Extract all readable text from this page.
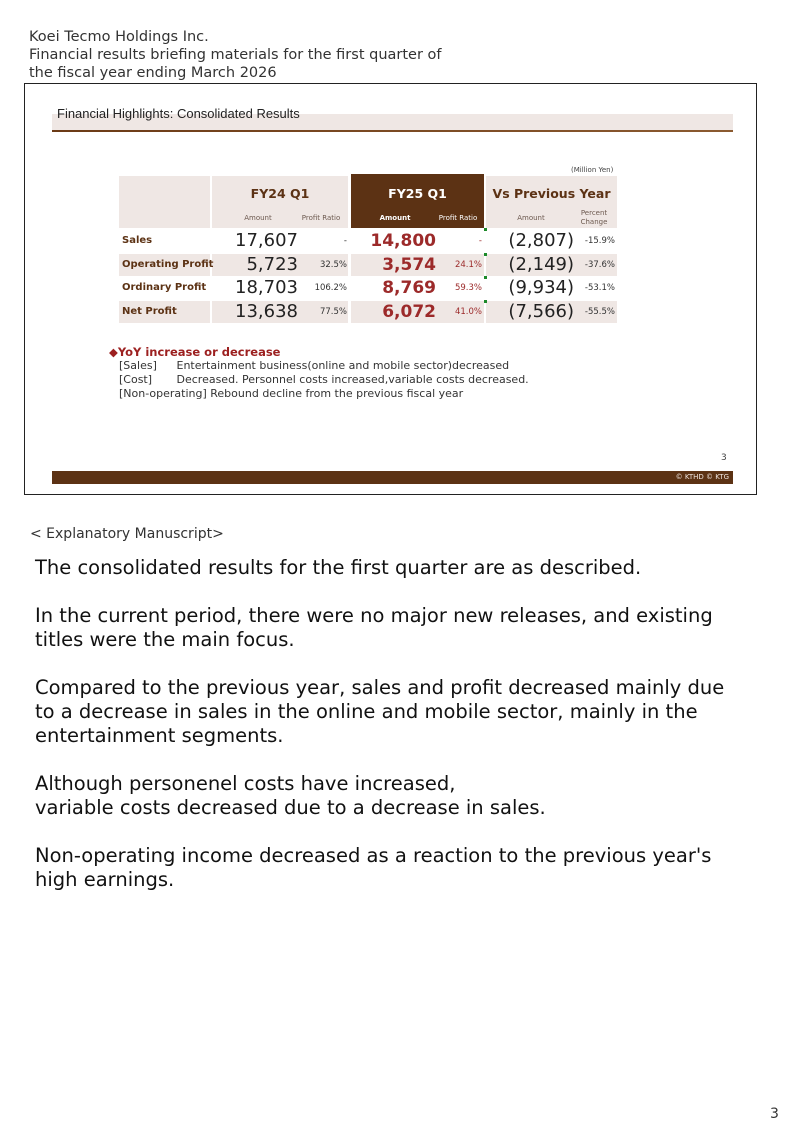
Koei Tecmo Holdings Inc.
Financial results briefing materials for the first quarter of
the fiscal year ending March 2026
Financial Highlights: Consolidated Results
(Million Yen)
FY24 Q1
Amount	Profit Ratio
FY25 Q1
Amount	Profit Ratio
Vs Previous Year
Amount
Percent
Change
Sales	17,607	-	14,800	-	(2,807)	-15.9%
Operating Profit	5,723	32.5%	3,574	24.1%	(2,149)	-37.6%
Ordinary Profit	18,703	106.2%	8,769	59.3%	(9,934)	-53.1%
Net Profit	13,638	77.5%	6,072	41.0%	(7,566)	-55.5%
◆YoY increase or decrease
[Sales] Entertainment business(online and mobile sector)decreased
[Cost] Decreased. Personnel costs increased,variable costs decreased.
[Non-operating] Rebound decline from the previous fiscal year
3
© KTHD © KTG
< Explanatory Manuscript>

The consolidated results for the first quarter are as described.

In the current period, there were no major new releases, and existing
titles were the main focus.

Compared to the previous year, sales and profit decreased mainly due
to a decrease in sales in the online and mobile sector, mainly in the
entertainment segments.

Although personenel costs have increased,
variable costs decreased due to a decrease in sales.

Non-operating income decreased as a reaction to the previous year's
high earnings.

3
